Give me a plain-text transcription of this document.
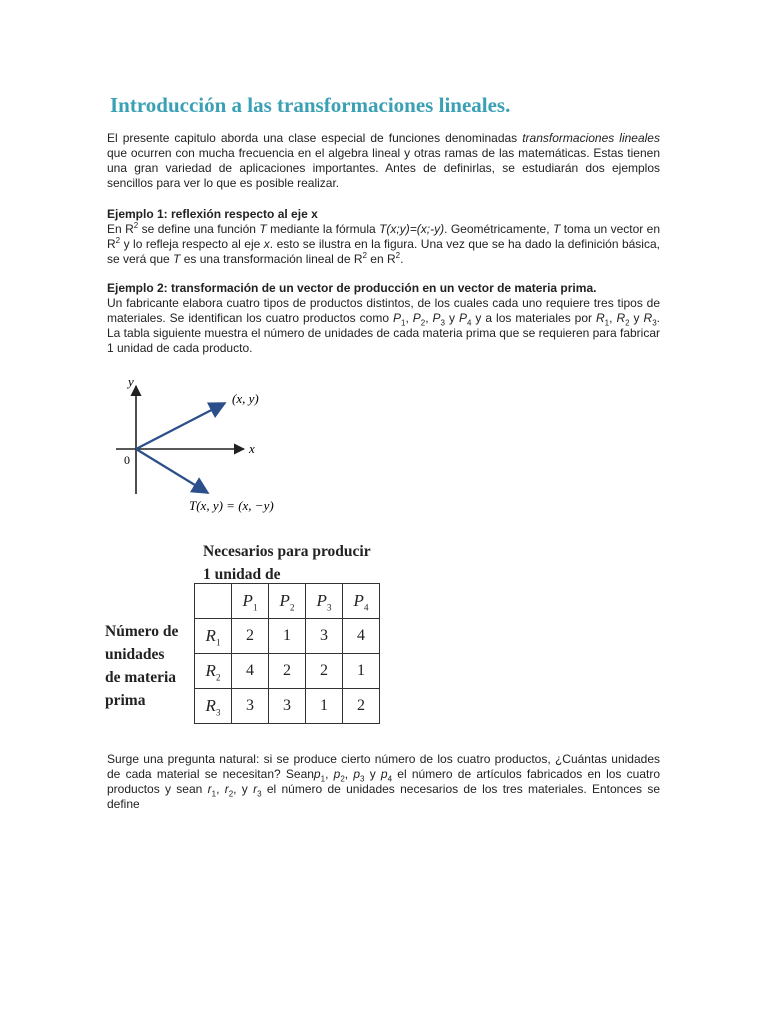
Introducción a las transformaciones lineales.

El presente capitulo aborda una clase especial de funciones denominadas transformaciones lineales que ocurren con mucha frecuencia en el algebra lineal y otras ramas de las matemáticas. Estas tienen una gran variedad de aplicaciones importantes. Antes de definirlas, se estudiarán dos ejemplos sencillos para ver lo que es posible realizar.

Ejemplo 1: reflexión respecto al eje x

En $R^2$ se define una función T mediante la fórmula T(x;y)=(x;-y). Geométricamente, T toma un vector en $R^2$ y lo refleja respecto al eje x. esto se ilustra en la figura. Una vez que se ha dado la definición básica, se verá que T es una transformación lineal de $R^2$ en $R^2$.

Ejemplo 2: transformación de un vector de producción en un vector de materia prima.

Un fabricante elabora cuatro tipos de productos distintos, de los cuales cada uno requiere tres tipos de materiales. Se identifican los cuatro productos como $P_1$, $P_2$, $P_3$ y $P_4$ y a los materiales por $R_1$, $R_2$ y $R_3$. La tabla siguiente muestra el número de unidades de cada materia prima que se requieren para fabricar 1 unidad de cada producto.

y
x
0
(x, y)
T(x, y) = (x, −y)
Necesarios para producir
1 unidad de
Número de
unidades
de materia
prima
	$P_1$	$P_2$	$P_3$	$P_4$
$R_1$	2	1	3	4
$R_2$	4	2	2	1
$R_3$	3	3	1	2

Surge una pregunta natural: si se produce cierto número de los cuatro productos, ¿Cuántas unidades de cada material se necesitan? Seanp$_1$, $p_2$, $p_3$ y $p_4$ el número de artículos fabricados en los cuatro productos y sean $r_1$, $r_2$, y $r_3$ el número de unidades necesarios de los tres materiales. Entonces se define
